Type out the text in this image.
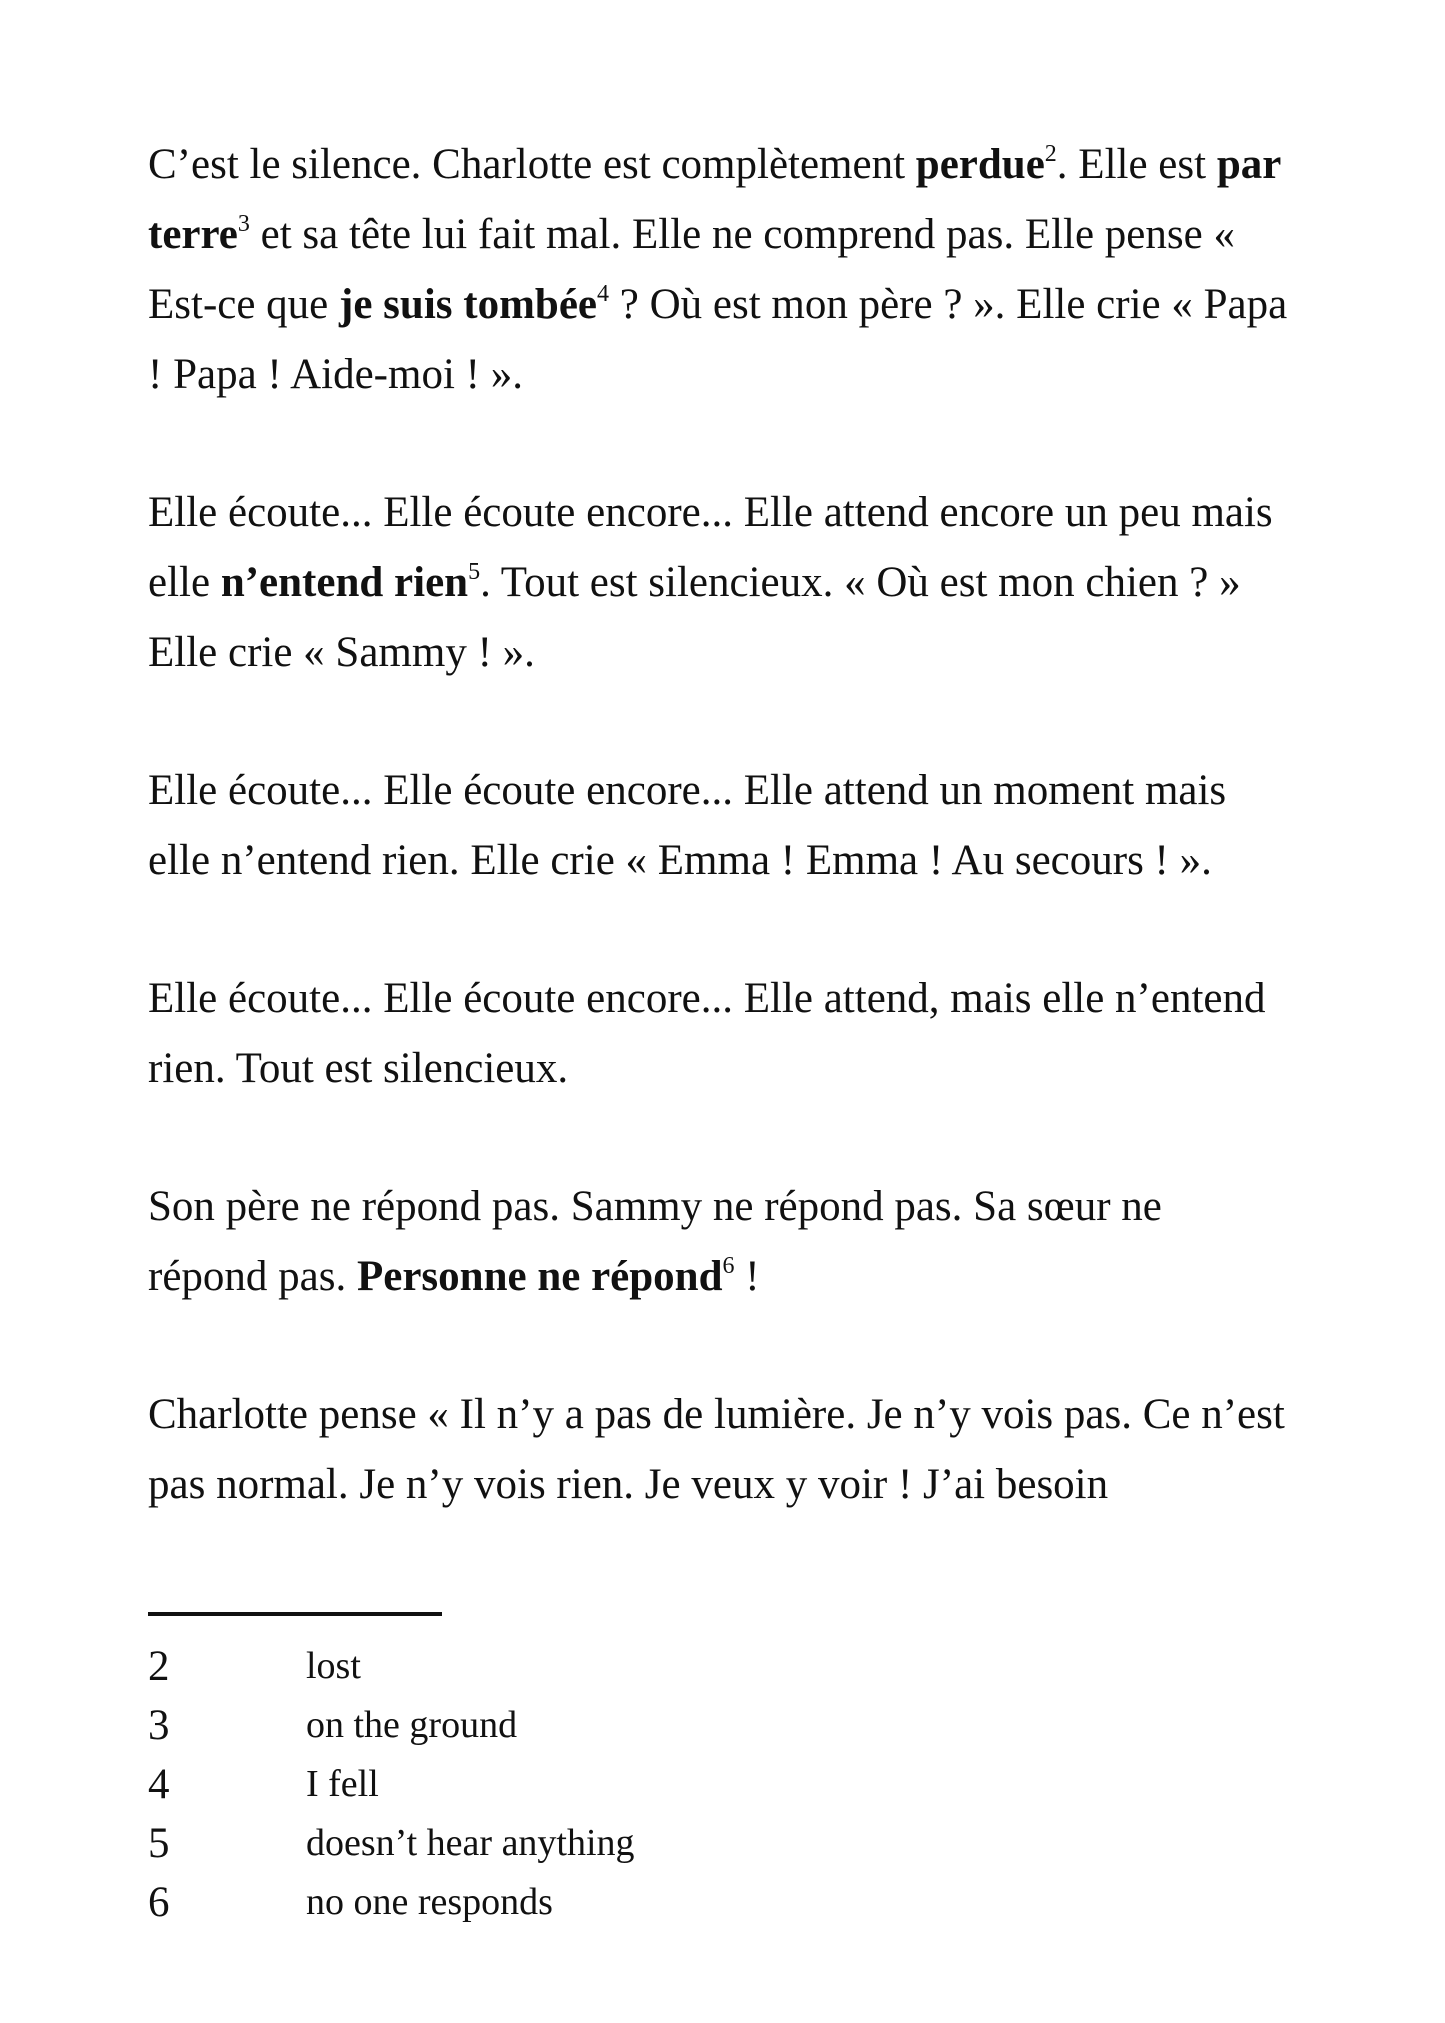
C’est le silence. Charlotte est complètement perdue$^2$. Elle est par terre$^3$ et sa tête lui fait mal. Elle ne comprend pas. Elle pense « Est-ce que je suis tombée$^4$ ? Où est mon père ? ». Elle crie « Papa ! Papa ! Aide-moi ! ».

Elle écoute... Elle écoute encore... Elle attend encore un peu mais elle n’entend rien$^5$. Tout est silencieux. « Où est mon chien ? » Elle crie « Sammy ! ».

Elle écoute... Elle écoute encore... Elle attend un moment mais elle n’entend rien. Elle crie « Emma ! Emma ! Au secours ! ».

Elle écoute... Elle écoute encore... Elle attend, mais elle n’entend rien. Tout est silencieux.

Son père ne répond pas. Sammy ne répond pas. Sa sœur ne répond pas. Personne ne répond$^6$ !

Charlotte pense « Il n’y a pas de lumière. Je n’y vois pas. Ce n’est pas normal. Je n’y vois rien. Je veux y voir ! J’ai besoin

2	lost
3	on the ground
4	I fell
5	doesn’t hear anything
6	no one responds
